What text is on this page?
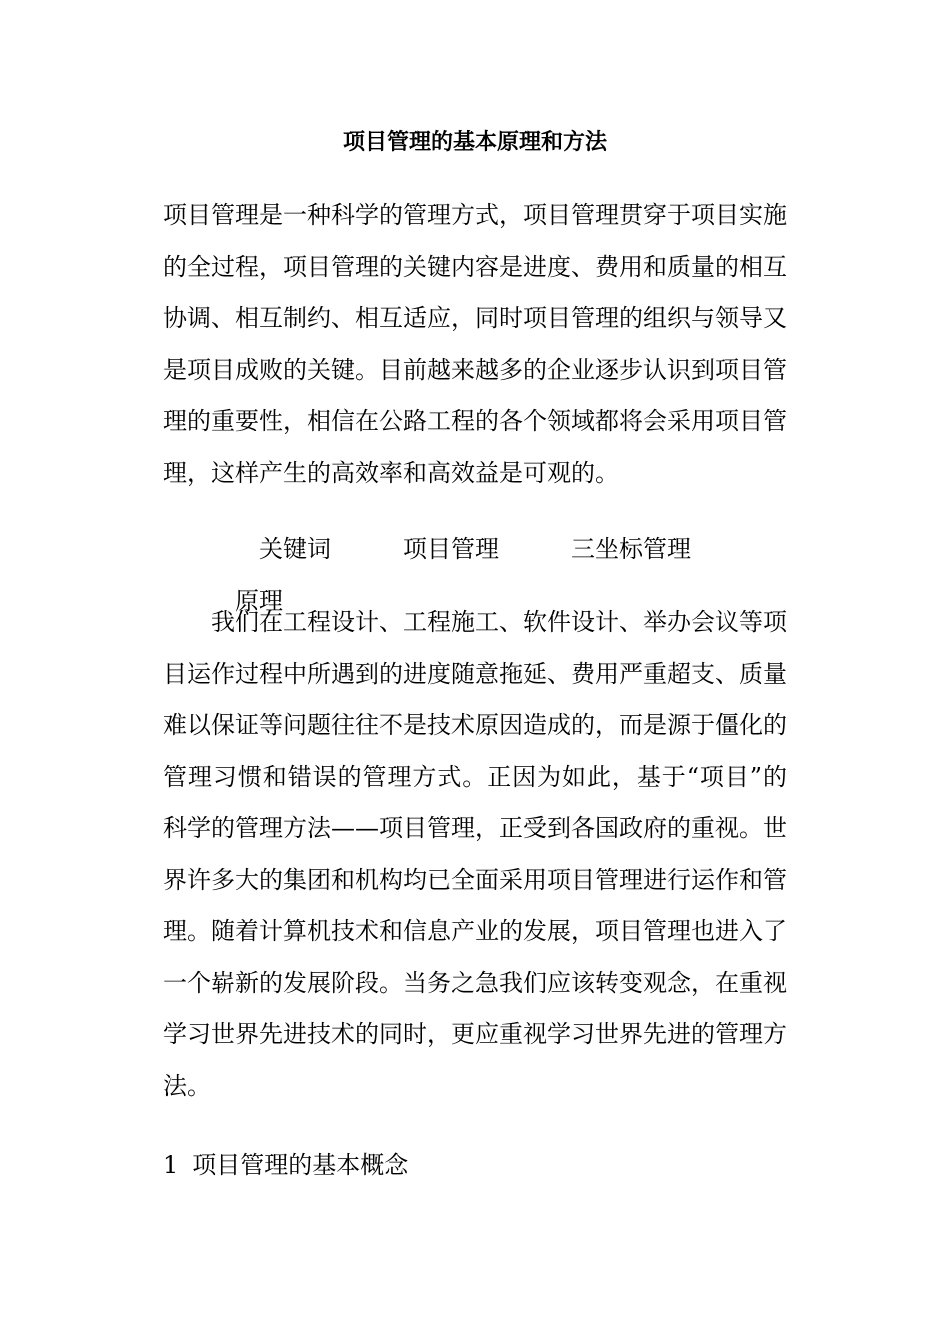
项目管理的基本原理和方法

项目管理是一种科学的管理方式，项目管理贯穿于项目实施的全过程，项目管理的关键内容是进度、费用和质量的相互协调、相互制约、相互适应，同时项目管理的组织与领导又是项目成败的关键。目前越来越多的企业逐步认识到项目管理的重要性，相信在公路工程的各个领域都将会采用项目管理，这样产生的高效率和高效益是可观的。

关键词	项目管理	三坐标管理原理

我们在工程设计、工程施工、软件设计、举办会议等项目运作过程中所遇到的进度随意拖延、费用严重超支、质量难以保证等问题往往不是技术原因造成的，而是源于僵化的管理习惯和错误的管理方式。正因为如此，基于“项目”的科学的管理方法——项目管理，正受到各国政府的重视。世界许多大的集团和机构均已全面采用项目管理进行运作和管理。随着计算机技术和信息产业的发展，项目管理也进入了一个崭新的发展阶段。当务之急我们应该转变观念，在重视学习世界先进技术的同时，更应重视学习世界先进的管理方法。

1 项目管理的基本概念
